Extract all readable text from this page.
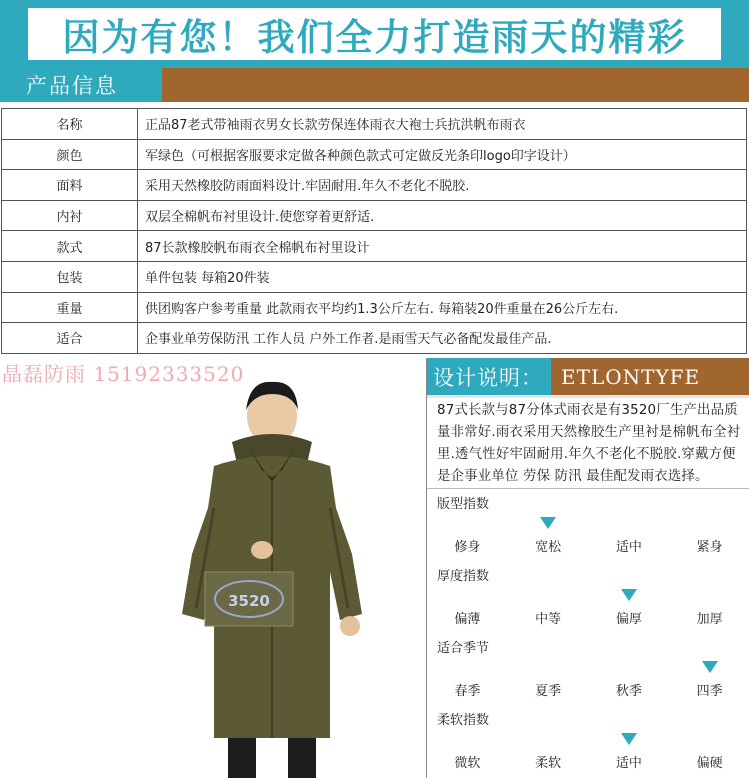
因为有您！我们全力打造雨天的精彩
产品信息
名称	正品87老式带袖雨衣男女长款劳保连体雨衣大袍士兵抗洪帆布雨衣
颜色	军绿色（可根据客服要求定做各种颜色款式可定做反光条印logo印字设计）
面料	采用天然橡胶防雨面料设计.牢固耐用.年久不老化不脱胶.
内衬	双层全棉帆布衬里设计.使您穿着更舒适.
款式	87长款橡胶帆布雨衣全棉帆布衬里设计
包装	单件包装 每箱20件装
重量	供团购客户参考重量 此款雨衣平均约1.3公斤左右. 每箱装20件重量在26公斤左右.
适合	企事业单劳保防汛 工作人员 户外工作者.是雨雪天气必备配发最佳产品.
3520
晶磊防雨 15192333520	设计说明： ETLONTYFE
87式长款与87分体式雨衣是有3520厂生产出品质量非常好.雨衣采用天然橡胶生产里衬是棉帆布全衬里.透气性好牢固耐用.年久不老化不脱胶.穿戴方便是企事业单位 劳保 防汛 最佳配发雨衣选择。
版型指数
修身	宽松	适中	紧身
厚度指数
偏薄	中等	偏厚	加厚
适合季节
春季	夏季	秋季	四季
柔软指数
微软	柔软	适中	偏硬
